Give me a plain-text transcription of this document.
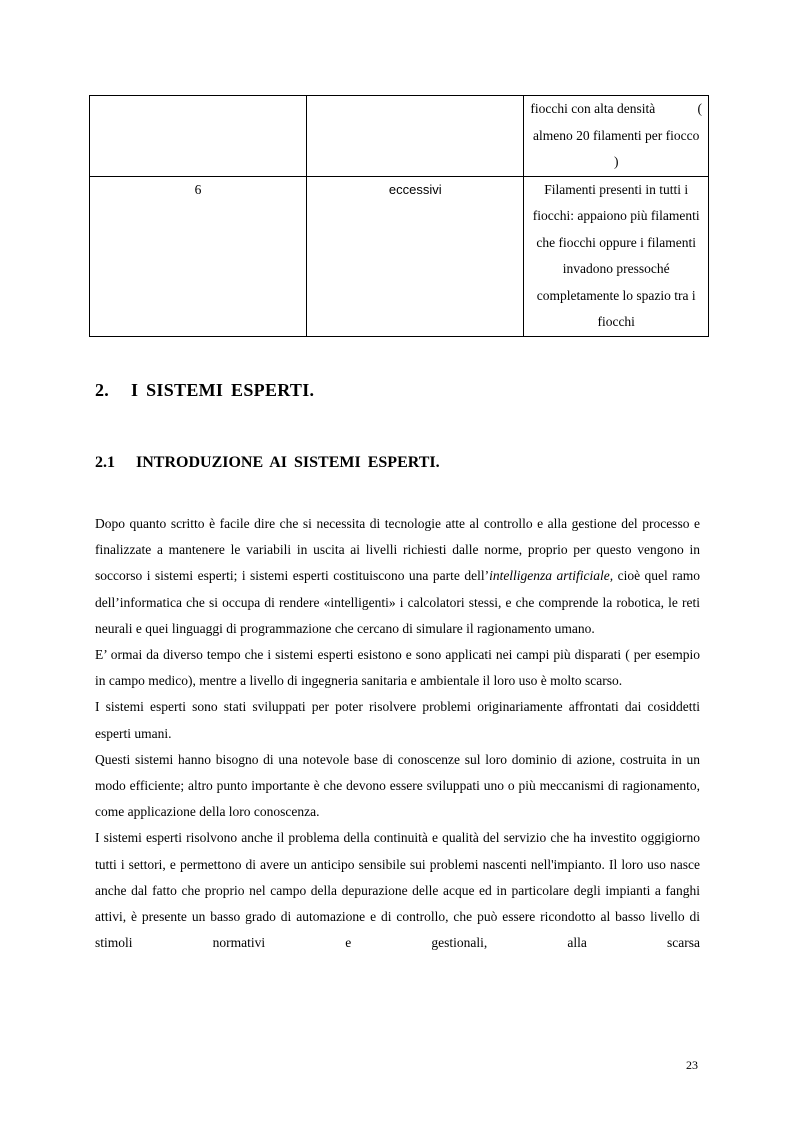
		fiocchi con alta densità (
almeno 20 filamenti per fiocco )

6	eccessivi	Filamenti presenti in tutti i fiocchi: appaiono più filamenti che fiocchi oppure i filamenti invadono pressoché completamente lo spazio tra i fiocchi
2. I SISTEMI ESPERTI.
2.1 INTRODUZIONE AI SISTEMI ESPERTI.

Dopo quanto scritto è facile dire che si necessita di tecnologie atte al controllo e alla gestione del processo e finalizzate a mantenere le variabili in uscita ai livelli richiesti dalle norme, proprio per questo vengono in soccorso i sistemi esperti; i sistemi esperti costituiscono una parte dell’intelligenza artificiale, cioè quel ramo dell’informatica che si occupa di rendere «intelligenti» i calcolatori stessi, e che comprende la robotica, le reti neurali e quei linguaggi di programmazione che cercano di simulare il ragionamento umano.

E’ ormai da diverso tempo che i sistemi esperti esistono e sono applicati nei campi più disparati ( per esempio in campo medico), mentre a livello di ingegneria sanitaria e ambientale il loro uso è molto scarso.

I sistemi esperti sono stati sviluppati per poter risolvere problemi originariamente affrontati dai cosiddetti esperti umani.

Questi sistemi hanno bisogno di una notevole base di conoscenze sul loro dominio di azione, costruita in un modo efficiente; altro punto importante è che devono essere sviluppati uno o più meccanismi di ragionamento, come applicazione della loro conoscenza.

I sistemi esperti risolvono anche il problema della continuità e qualità del servizio che ha investito oggigiorno tutti i settori, e permettono di avere un anticipo sensibile sui problemi nascenti nell'impianto. Il loro uso nasce anche dal fatto che proprio nel campo della depurazione delle acque ed in particolare degli impianti a fanghi attivi, è presente un basso grado di automazione e di controllo, che può essere ricondotto al basso livello di stimoli normativi e gestionali, alla scarsa

23
